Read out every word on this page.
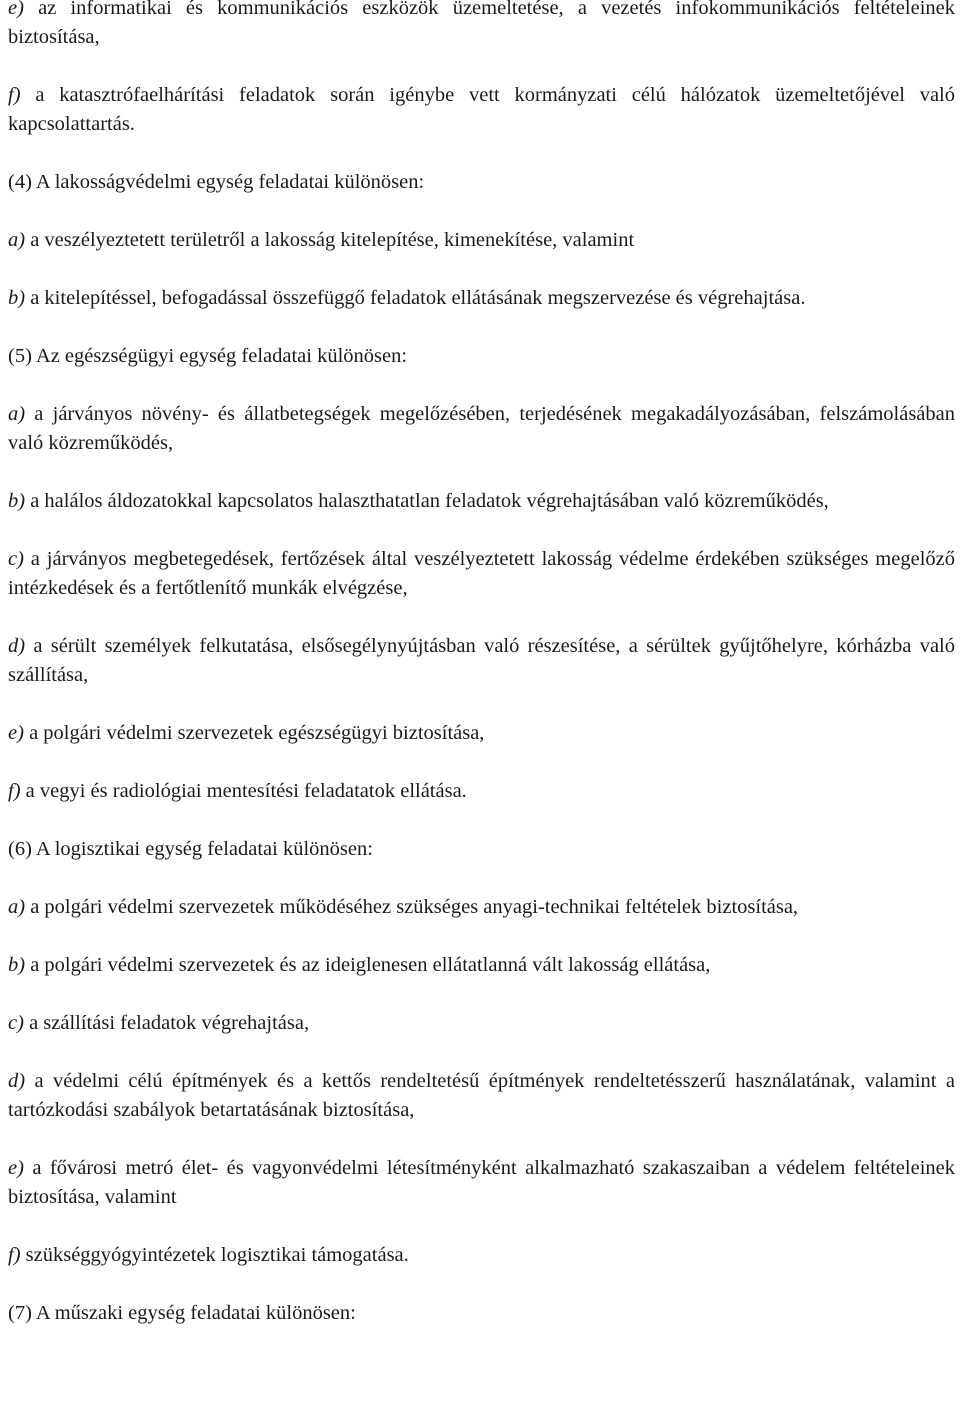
e) az informatikai és kommunikációs eszközök üzemeltetése, a vezetés infokommunikációs feltételeinek biztosítása,

f) a katasztrófaelhárítási feladatok során igénybe vett kormányzati célú hálózatok üzemeltetőjével való kapcsolattartás.

(4) A lakosságvédelmi egység feladatai különösen:

a) a veszélyeztetett területről a lakosság kitelepítése, kimenekítése, valamint

b) a kitelepítéssel, befogadással összefüggő feladatok ellátásának megszervezése és végrehajtása.

(5) Az egészségügyi egység feladatai különösen:

a) a járványos növény- és állatbetegségek megelőzésében, terjedésének megakadályozásában, felszámolásában való közreműködés,

b) a halálos áldozatokkal kapcsolatos halaszthatatlan feladatok végrehajtásában való közreműködés,

c) a járványos megbetegedések, fertőzések által veszélyeztetett lakosság védelme érdekében szükséges megelőző intézkedések és a fertőtlenítő munkák elvégzése,

d) a sérült személyek felkutatása, elsősegélynyújtásban való részesítése, a sérültek gyűjtőhelyre, kórházba való szállítása,

e) a polgári védelmi szervezetek egészségügyi biztosítása,

f) a vegyi és radiológiai mentesítési feladatatok ellátása.

(6) A logisztikai egység feladatai különösen:

a) a polgári védelmi szervezetek működéséhez szükséges anyagi-technikai feltételek biztosítása,

b) a polgári védelmi szervezetek és az ideiglenesen ellátatlanná vált lakosság ellátása,

c) a szállítási feladatok végrehajtása,

d) a védelmi célú építmények és a kettős rendeltetésű építmények rendeltetésszerű használatának, valamint a tartózkodási szabályok betartatásának biztosítása,

e) a fővárosi metró élet- és vagyonvédelmi létesítményként alkalmazható szakaszaiban a védelem feltételeinek biztosítása, valamint

f) szükséggyógyintézetek logisztikai támogatása.

(7) A műszaki egység feladatai különösen:
